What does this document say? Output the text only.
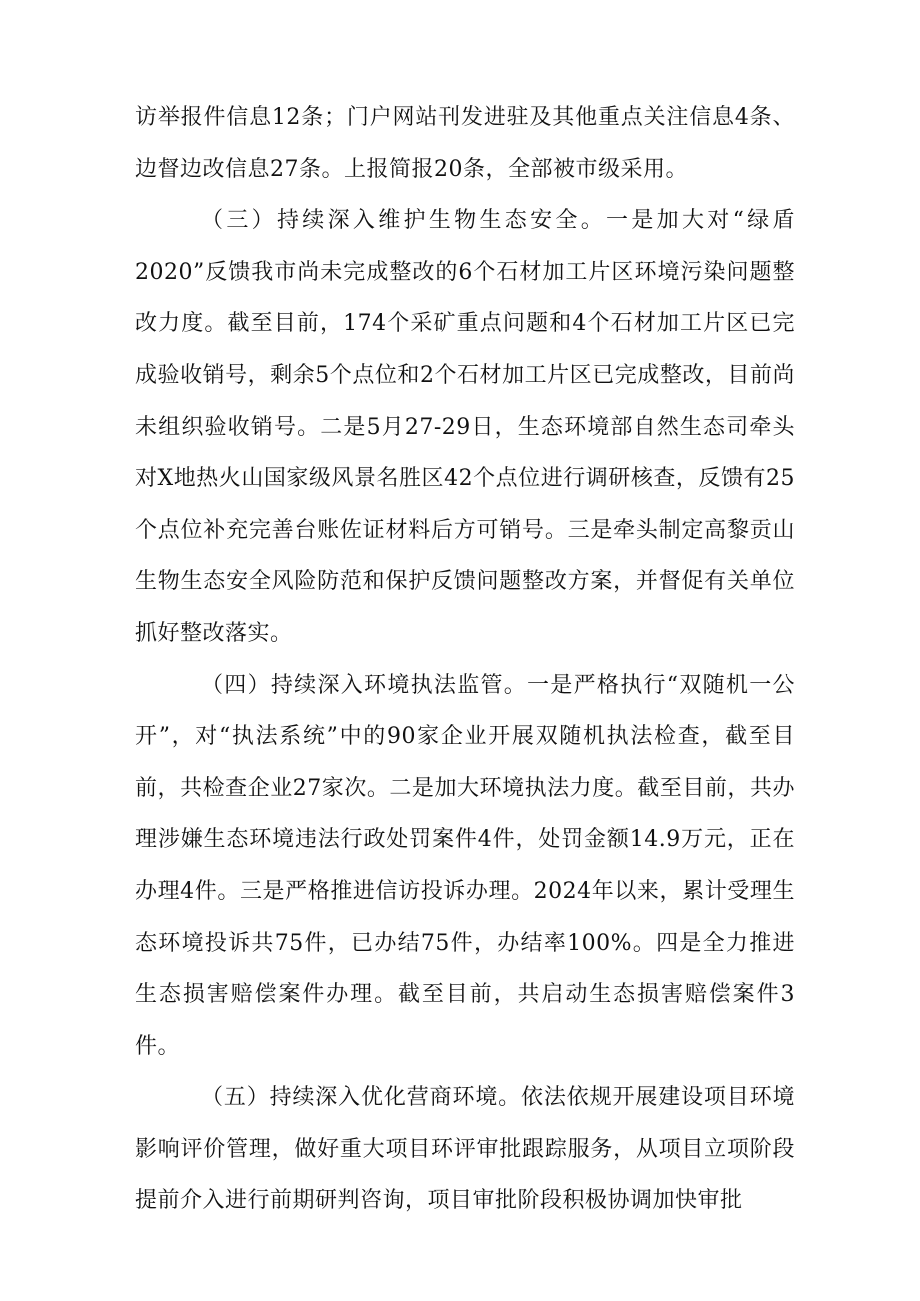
访举报件信息12条；门户网站刊发进驻及其他重点关注信息4条、边督边改信息27条。上报简报20条，全部被市级采用。

（三）持续深入维护生物生态安全。一是加大对“绿盾2020”反馈我市尚未完成整改的6个石材加工片区环境污染问题整改力度。截至目前，174个采矿重点问题和4个石材加工片区已完成验收销号，剩余5个点位和2个石材加工片区已完成整改，目前尚未组织验收销号。二是5月27-29日，生态环境部自然生态司牵头对X地热火山国家级风景名胜区42个点位进行调研核查，反馈有25个点位补充完善台账佐证材料后方可销号。三是牵头制定高黎贡山生物生态安全风险防范和保护反馈问题整改方案，并督促有关单位抓好整改落实。

（四）持续深入环境执法监管。一是严格执行“双随机一公开”，对“执法系统”中的90家企业开展双随机执法检查，截至目前，共检查企业27家次。二是加大环境执法力度。截至目前，共办理涉嫌生态环境违法行政处罚案件4件，处罚金额14.9万元，正在办理4件。三是严格推进信访投诉办理。2024年以来，累计受理生态环境投诉共75件，已办结75件，办结率100%。四是全力推进生态损害赔偿案件办理。截至目前，共启动生态损害赔偿案件3件。

（五）持续深入优化营商环境。依法依规开展建设项目环境影响评价管理，做好重大项目环评审批跟踪服务，从项目立项阶段提前介入进行前期研判咨询，项目审批阶段积极协调加快审批
